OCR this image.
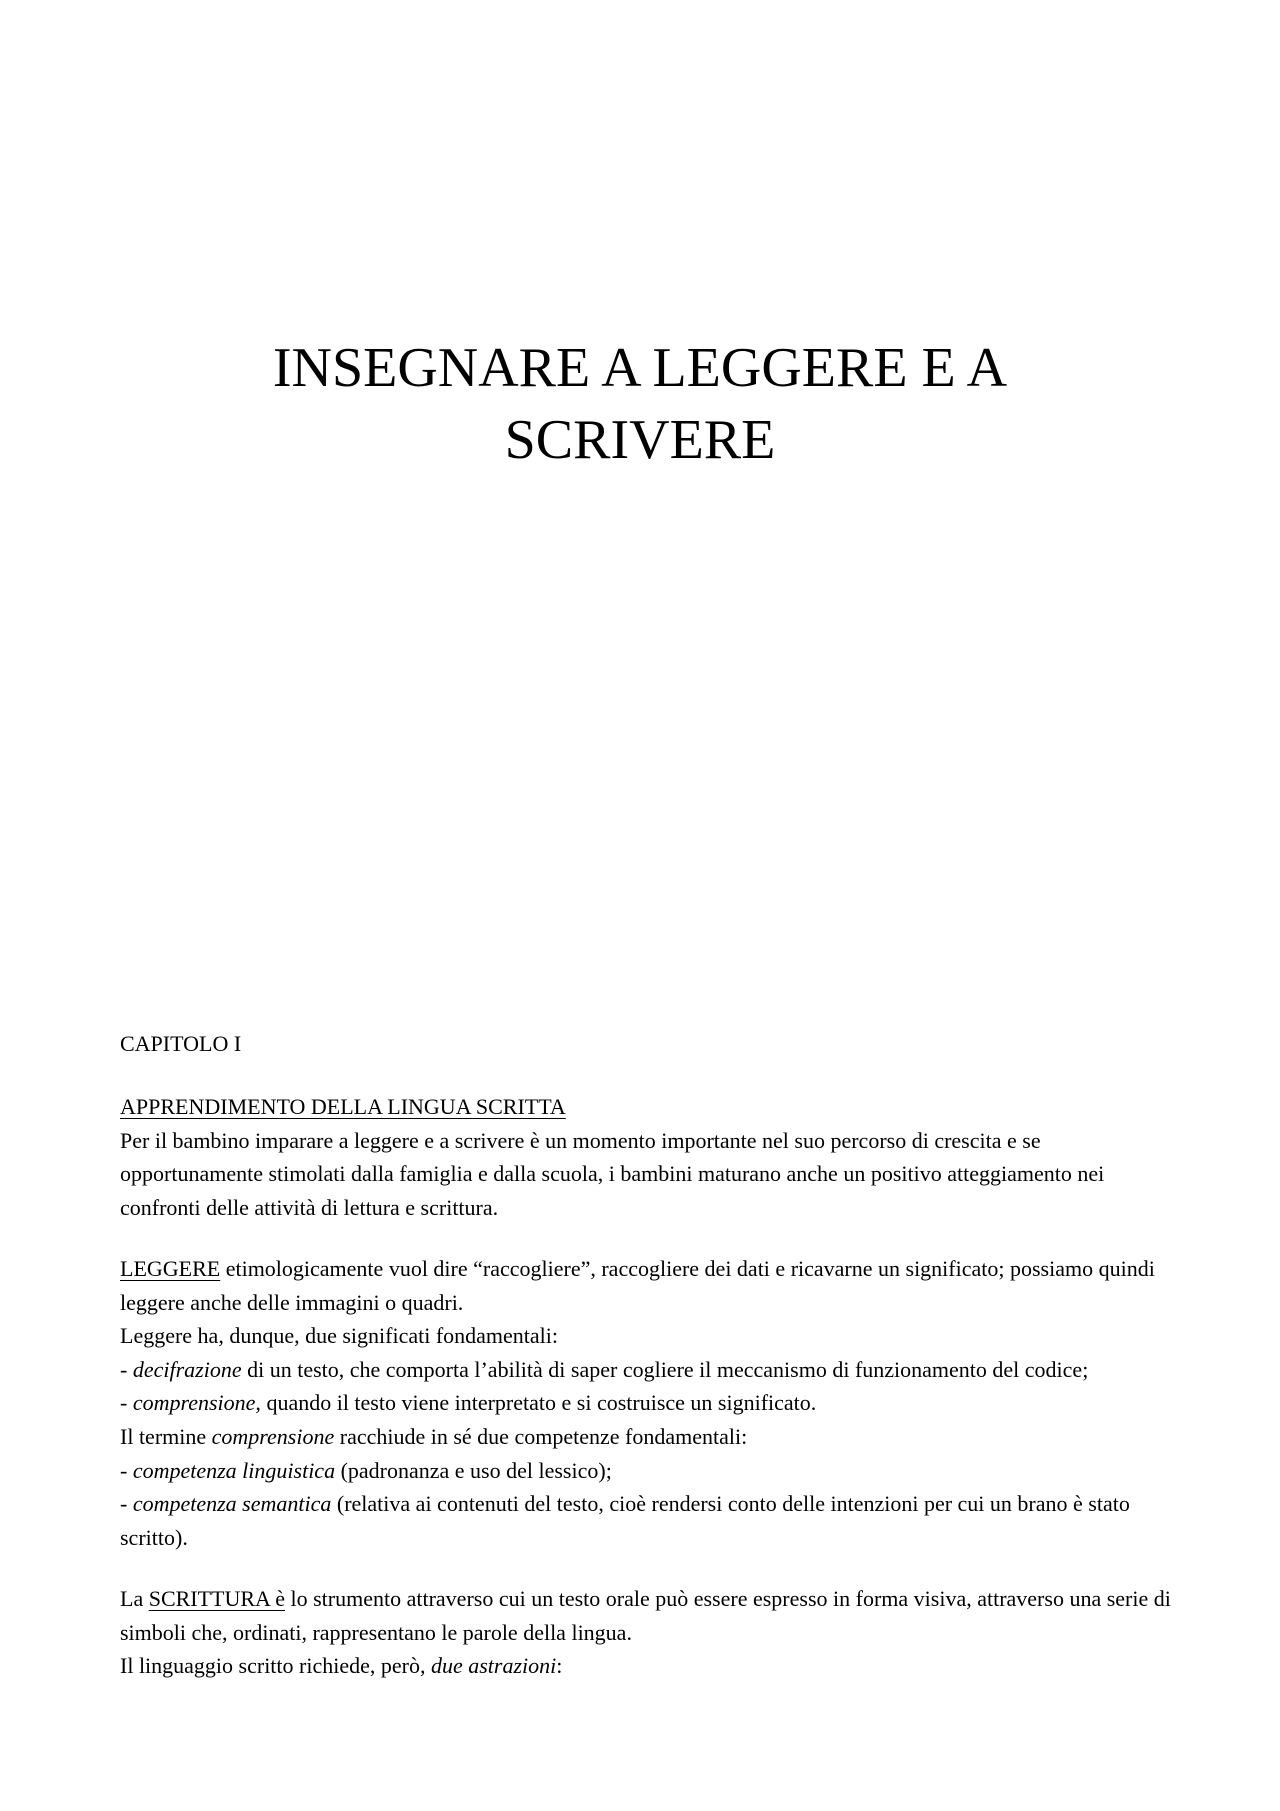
INSEGNARE A LEGGERE E A
SCRIVERE
CAPITOLO I

APPRENDIMENTO DELLA LINGUA SCRITTA

Per il bambino imparare a leggere e a scrivere è un momento importante nel suo percorso di crescita e se opportunamente stimolati dalla famiglia e dalla scuola, i bambini maturano anche un positivo atteggiamento nei confronti delle attività di lettura e scrittura.

LEGGERE etimologicamente vuol dire “raccogliere”, raccogliere dei dati e ricavarne un significato; possiamo quindi leggere anche delle immagini o quadri.

Leggere ha, dunque, due significati fondamentali:

- decifrazione di un testo, che comporta l’abilità di saper cogliere il meccanismo di funzionamento del codice;

- comprensione, quando il testo viene interpretato e si costruisce un significato.

Il termine comprensione racchiude in sé due competenze fondamentali:

- competenza linguistica (padronanza e uso del lessico);

- competenza semantica (relativa ai contenuti del testo, cioè rendersi conto delle intenzioni per cui un brano è stato scritto).

La SCRITTURA è lo strumento attraverso cui un testo orale può essere espresso in forma visiva, attraverso una serie di simboli che, ordinati, rappresentano le parole della lingua.

Il linguaggio scritto richiede, però, due astrazioni:
